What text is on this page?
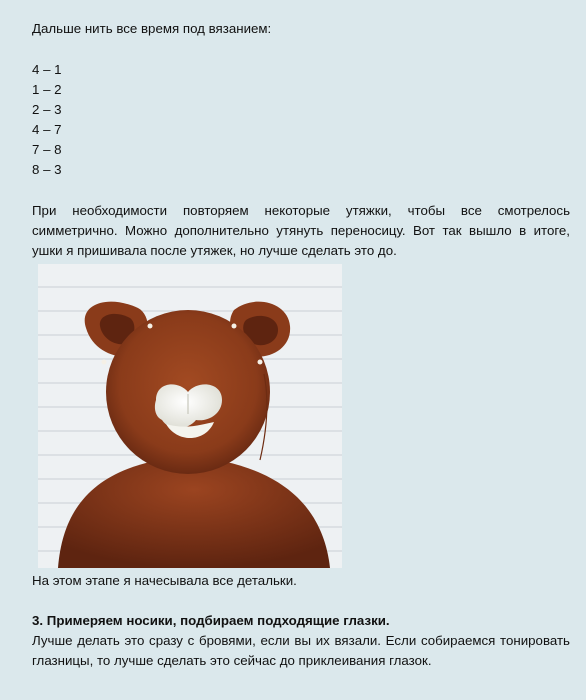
Дальше нить все время под вязанием:
4 – 1
1 – 2
2 – 3
4 – 7
7 – 8
8 – 3
При необходимости повторяем некоторые утяжки, чтобы все смотрелось симметрично. Можно дополнительно утянуть переносицу. Вот так вышло в итоге, ушки я пришивала после утяжек, но лучше сделать это до.
На этом этапе я начесывала все детальки.
3. Примеряем носики, подбираем подходящие глазки.
Лучше делать это сразу с бровями, если вы их вязали. Если собираемся тонировать глазницы, то лучше сделать это сейчас до приклеивания глазок.
